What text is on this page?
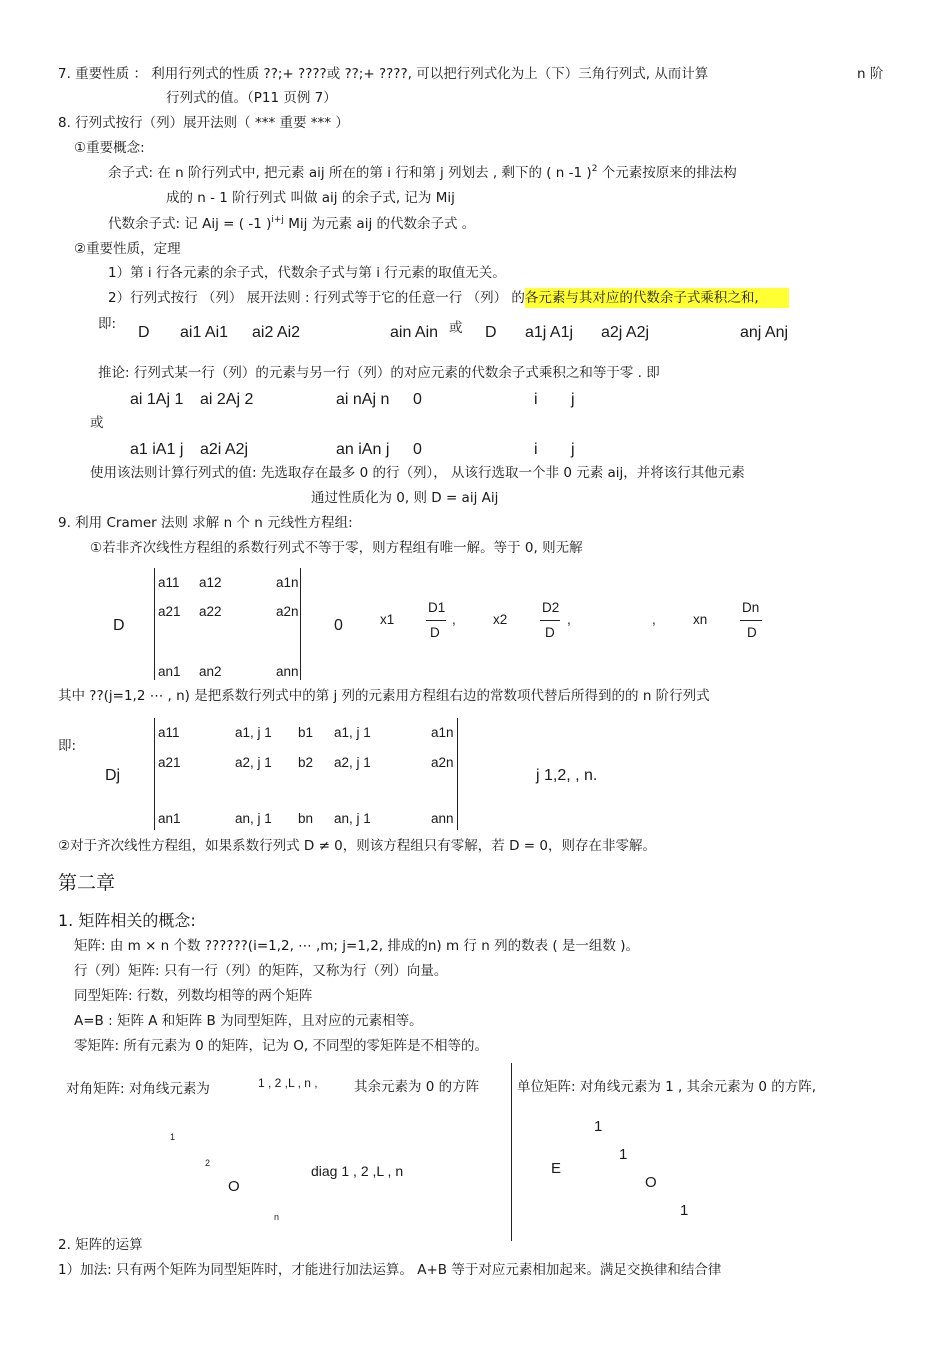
7. 重要性质 ： 利用行列式的性质 ??;+ ????或 ??;+ ????, 可以把行列式化为上（下）三角行列式, 从而计算	n 阶
行列式的值。（P11 页例 7）
8. 行列式按行（列）展开法则（ *** 重要 *** ）
①重要概念:
余子式: 在 n 阶行列式中, 把元素 aij 所在的第 i 行和第 j 列划去 , 剩下的 ( n -1 )$^2$ 个元素按原来的排法构
成的 n - 1 阶行列式 叫做 aij 的余子式, 记为 Mij
代数余子式: 记 Aij = ( -1 )$^{i+j}$ Mij 为元素 aij 的代数余子式 。
②重要性质，定理
1）第 i 行各元素的余子式，代数余子式与第 i 行元素的取值无关。
2）行列式按行 （列） 展开法则 : 行列式等于它的任意一行 （列） 的各元素与其对应的代数余子式乘积之和,
即: D ai1 Ai1 ai2 Ai2	ain Ain 或 D a1j A1j a2j A2j	anj Anj
推论: 行列式某一行（列）的元素与另一行（列）的对应元素的代数余子式乘积之和等于零 . 即
ai 1Aj 1 ai 2Aj 2	ai nAj n 0	i j
或
a1 iA1 j a2i A2j	an iAn j 0	i j
使用该法则计算行列式的值: 先选取存在最多 0 的行（列）， 从该行选取一个非 0 元素 aij，并将该行其他元素
通过性质化为 0, 则 D = aij Aij
9. 利用 Cramer 法则 求解 n 个 n 元线性方程组:
①若非齐次线性方程组的系数行列式不等于零，则方程组有唯一解。等于 0, 则无解
D
a11 a12	a1n
a21 a22	a2n
an1 an2	ann
0	x1
D1
D
,	x2
D2
D
,	,	xn
Dn
D
其中 ??(j=1,2 ⋯ , n) 是把系数行列式中的第 j 列的元素用方程组右边的常数项代替后所得到的的 n 阶行列式
即:
Dj
a11	a1, j 1 b1 a1, j 1	a1n
a21	a2, j 1 b2 a2, j 1	a2n
an1	an, j 1 bn an, j 1	ann
j 1,2, , n.
②对于齐次线性方程组，如果系数行列式 D ≠ 0，则该方程组只有零解，若 D = 0，则存在非零解。
第二章
1. 矩阵相关的概念:
矩阵: 由 m × n 个数 ??????(i=1,2, ⋯ ,m; j=1,2, 排成的n) m 行 n 列的数表 ( 是一组数 )。
行（列）矩阵: 只有一行（列）的矩阵，又称为行（列）向量。
同型矩阵: 行数，列数均相等的两个矩阵
A=B : 矩阵 A 和矩阵 B 为同型矩阵，且对应的元素相等。
零矩阵: 所有元素为 0 的矩阵，记为 O, 不同型的零矩阵是不相等的。
对角矩阵: 对角线元素为	1 , 2 ,L , n ,	其余元素为 0 的方阵	单位矩阵: 对角线元素为 1 , 其余元素为 0 的方阵,
1
2
O
n
diag 1 , 2 ,L , n	E
1
1
O
1
2. 矩阵的运算
1）加法: 只有两个矩阵为同型矩阵时，才能进行加法运算。 A+B 等于对应元素相加起来。满足交换律和结合律
